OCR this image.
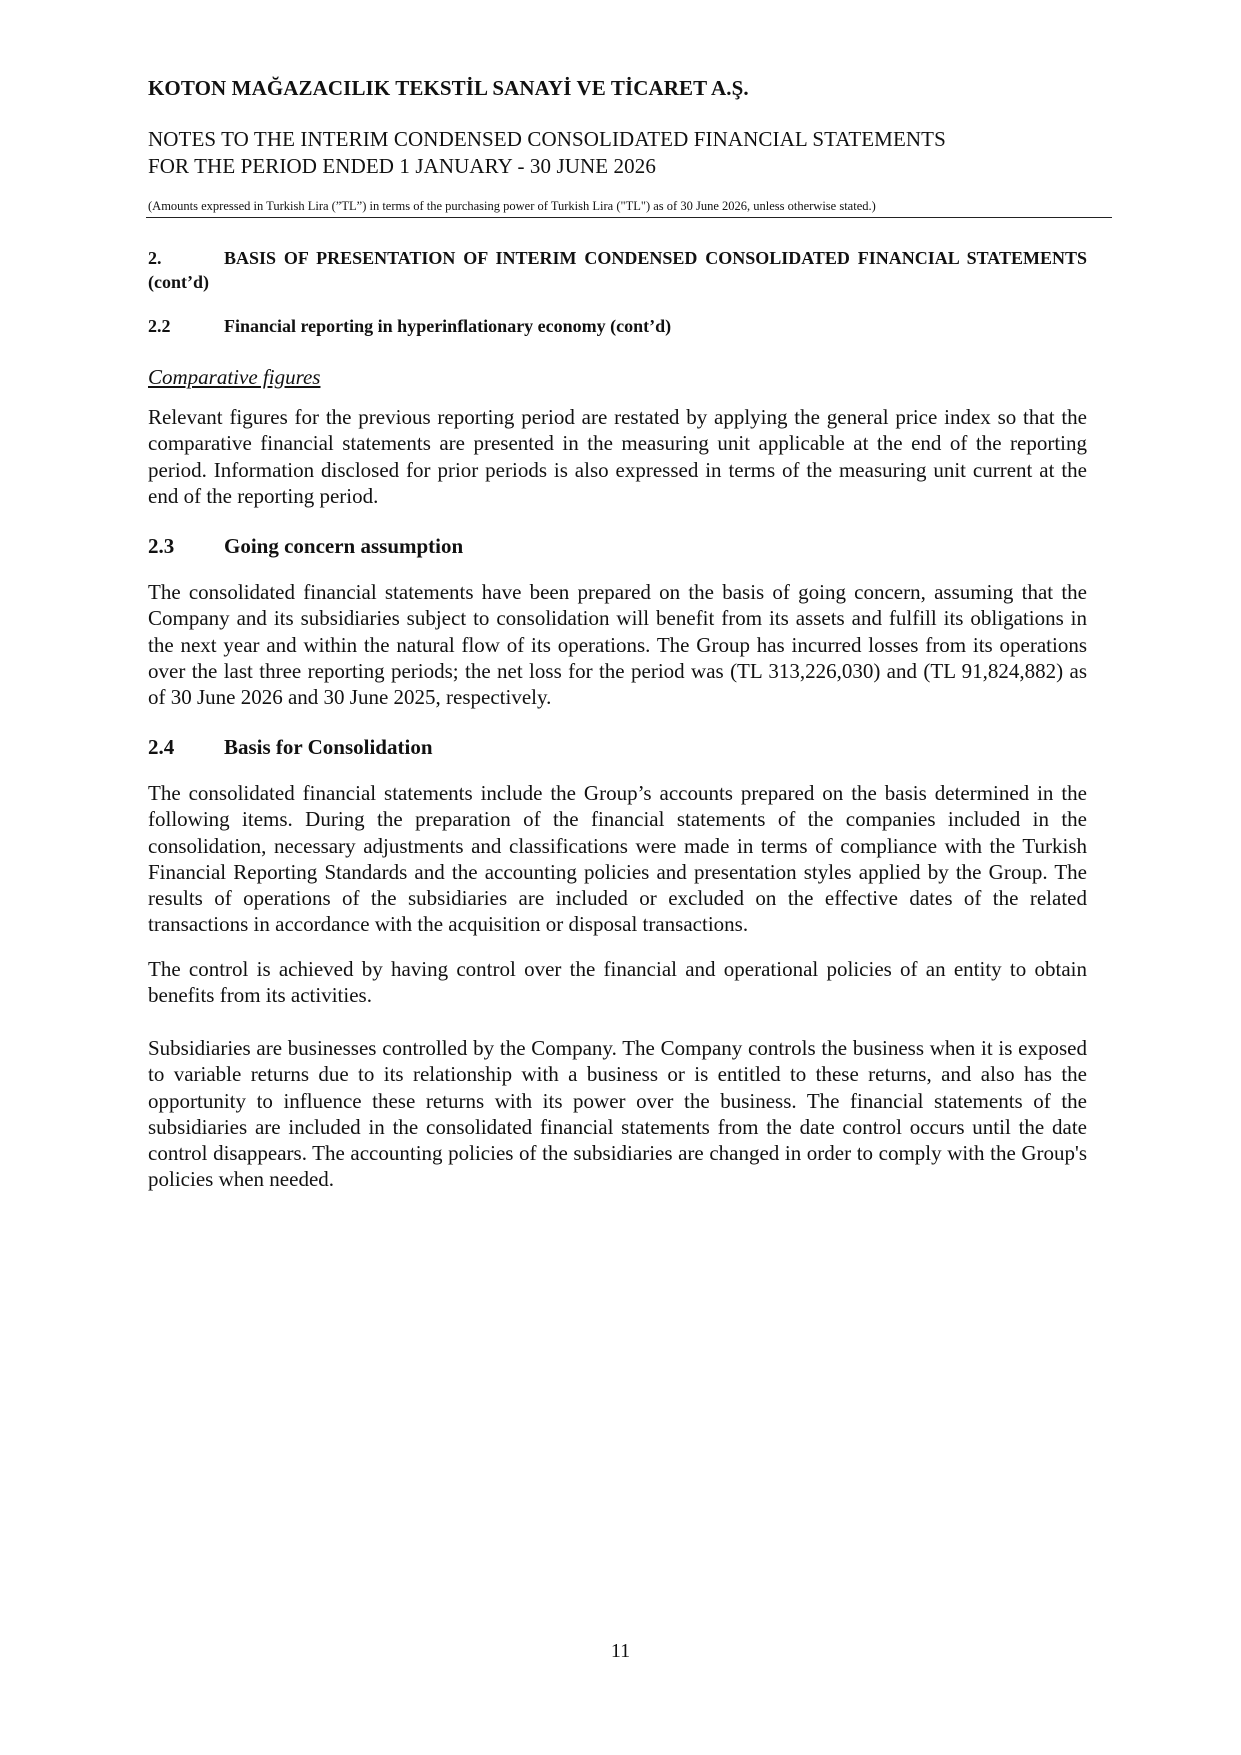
KOTON MAĞAZACILIK TEKSTİL SANAYİ VE TİCARET A.Ş.
NOTES TO THE INTERIM CONDENSED CONSOLIDATED FINANCIAL STATEMENTS
FOR THE PERIOD ENDED 1 JANUARY - 30 JUNE 2026
(Amounts expressed in Turkish Lira (”TL”) in terms of the purchasing power of Turkish Lira ("TL") as of 30 June 2026, unless otherwise stated.)
2.	BASIS OF PRESENTATION OF INTERIM CONDENSED CONSOLIDATED FINANCIAL STATEMENTS (cont’d)
2.2	Financial reporting in hyperinflationary economy (cont’d)
Comparative figures
Relevant figures for the previous reporting period are restated by applying the general price index so that the comparative financial statements are presented in the measuring unit applicable at the end of the reporting period. Information disclosed for prior periods is also expressed in terms of the measuring unit current at the end of the reporting period.
2.3 Going concern assumption
The consolidated financial statements have been prepared on the basis of going concern, assuming that the Company and its subsidiaries subject to consolidation will benefit from its assets and fulfill its obligations in the next year and within the natural flow of its operations. The Group has incurred losses from its operations over the last three reporting periods; the net loss for the period was (TL 313,226,030) and (TL 91,824,882) as of 30 June 2026 and 30 June 2025, respectively.
2.4 Basis for Consolidation
The consolidated financial statements include the Group’s accounts prepared on the basis determined in the following items. During the preparation of the financial statements of the companies included in the consolidation, necessary adjustments and classifications were made in terms of compliance with the Turkish Financial Reporting Standards and the accounting policies and presentation styles applied by the Group. The results of operations of the subsidiaries are included or excluded on the effective dates of the related transactions in accordance with the acquisition or disposal transactions.
The control is achieved by having control over the financial and operational policies of an entity to obtain benefits from its activities.
Subsidiaries are businesses controlled by the Company. The Company controls the business when it is exposed to variable returns due to its relationship with a business or is entitled to these returns, and also has the opportunity to influence these returns with its power over the business. The financial statements of the subsidiaries are included in the consolidated financial statements from the date control occurs until the date control disappears. The accounting policies of the subsidiaries are changed in order to comply with the Group's policies when needed.
11
